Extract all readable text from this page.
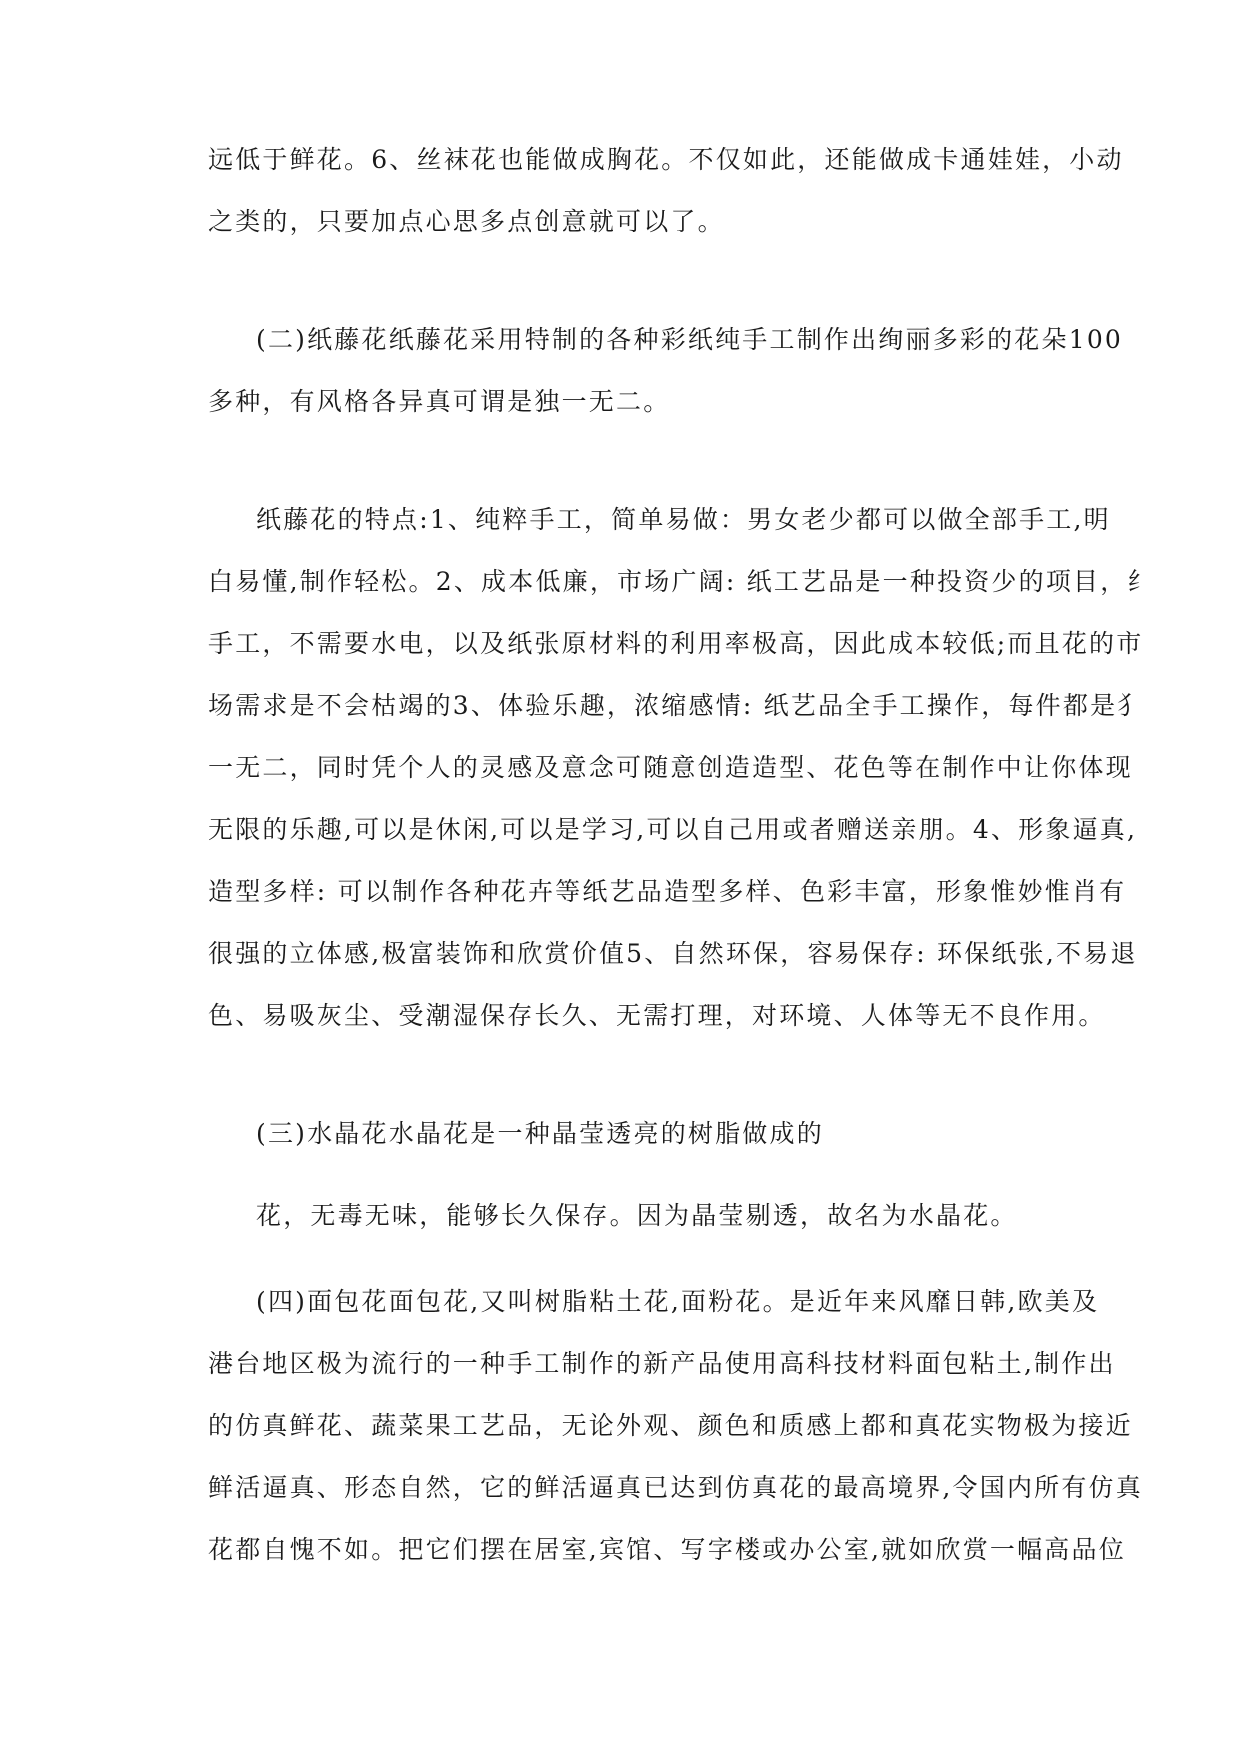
远低于鲜花。6、丝袜花也能做成胸花。不仅如此，还能做成卡通娃娃，小动
之类的，只要加点心思多点创意就可以了。
(二)纸藤花纸藤花采用特制的各种彩纸纯手工制作出绚丽多彩的花朵100
多种，有风格各异真可谓是独一无二。
纸藤花的特点:1、纯粹手工，简单易做：男女老少都可以做全部手工,明
白易懂,制作轻松。2、成本低廉，市场广阔: 纸工艺品是一种投资少的项目，纟
手工，不需要水电，以及纸张原材料的利用率极高，因此成本较低;而且花的市
场需求是不会枯竭的3、体验乐趣，浓缩感情: 纸艺品全手工操作，每件都是犭
一无二，同时凭个人的灵感及意念可随意创造造型、花色等在制作中让你体现
无限的乐趣,可以是休闲,可以是学习,可以自己用或者赠送亲朋。4、形象逼真,
造型多样: 可以制作各种花卉等纸艺品造型多样、色彩丰富，形象惟妙惟肖有
很强的立体感,极富装饰和欣赏价值5、自然环保，容易保存: 环保纸张,不易退
色、易吸灰尘、受潮湿保存长久、无需打理，对环境、人体等无不良作用。
(三)水晶花水晶花是一种晶莹透亮的树脂做成的
花，无毒无味，能够长久保存。因为晶莹剔透，故名为水晶花。
(四)面包花面包花,又叫树脂粘土花,面粉花。是近年来风靡日韩,欧美及
港台地区极为流行的一种手工制作的新产品使用高科技材料面包粘土,制作出
的仿真鲜花、蔬菜果工艺品，无论外观、颜色和质感上都和真花实物极为接近
鲜活逼真、形态自然，它的鲜活逼真已达到仿真花的最高境界,令国内所有仿真
花都自愧不如。把它们摆在居室,宾馆、写字楼或办公室,就如欣赏一幅高品位
